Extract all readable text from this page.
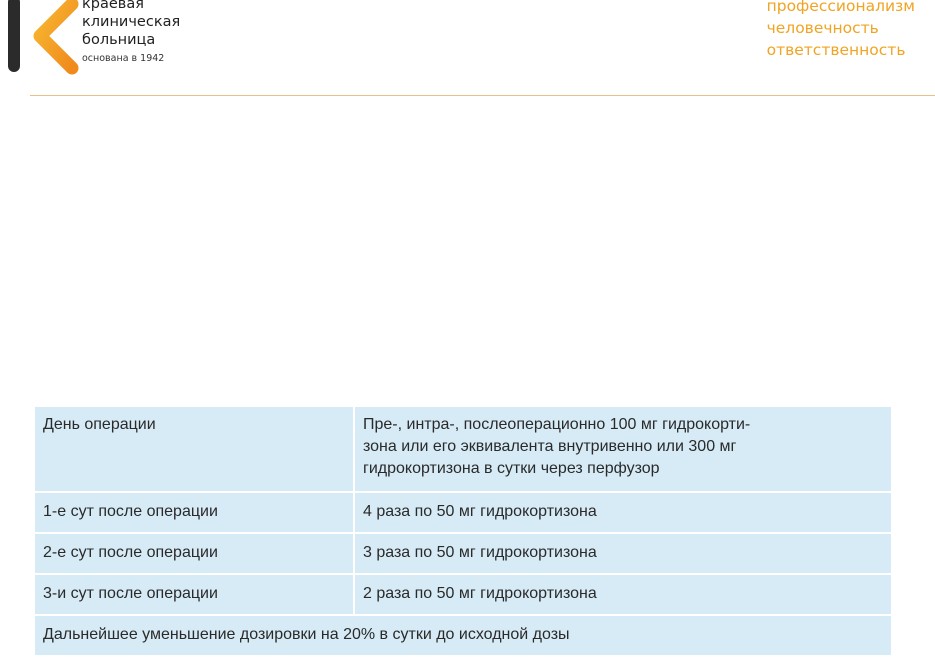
краевая
клиническая
больница
основана в 1942
профессионализм
человечность
ответственность
День операции	Пре-, интра-, послеоперационно 100 мг гидрокорти-
зона или его эквивалента внутривенно или 300 мг
гидрокортизона в сутки через перфузор

1-е сут после операции	4 раза по 50 мг гидрокортизона
2-е сут после операции	3 раза по 50 мг гидрокортизона
3-и сут после операции	2 раза по 50 мг гидрокортизона
Дальнейшее уменьшение дозировки на 20% в сутки до исходной дозы	
